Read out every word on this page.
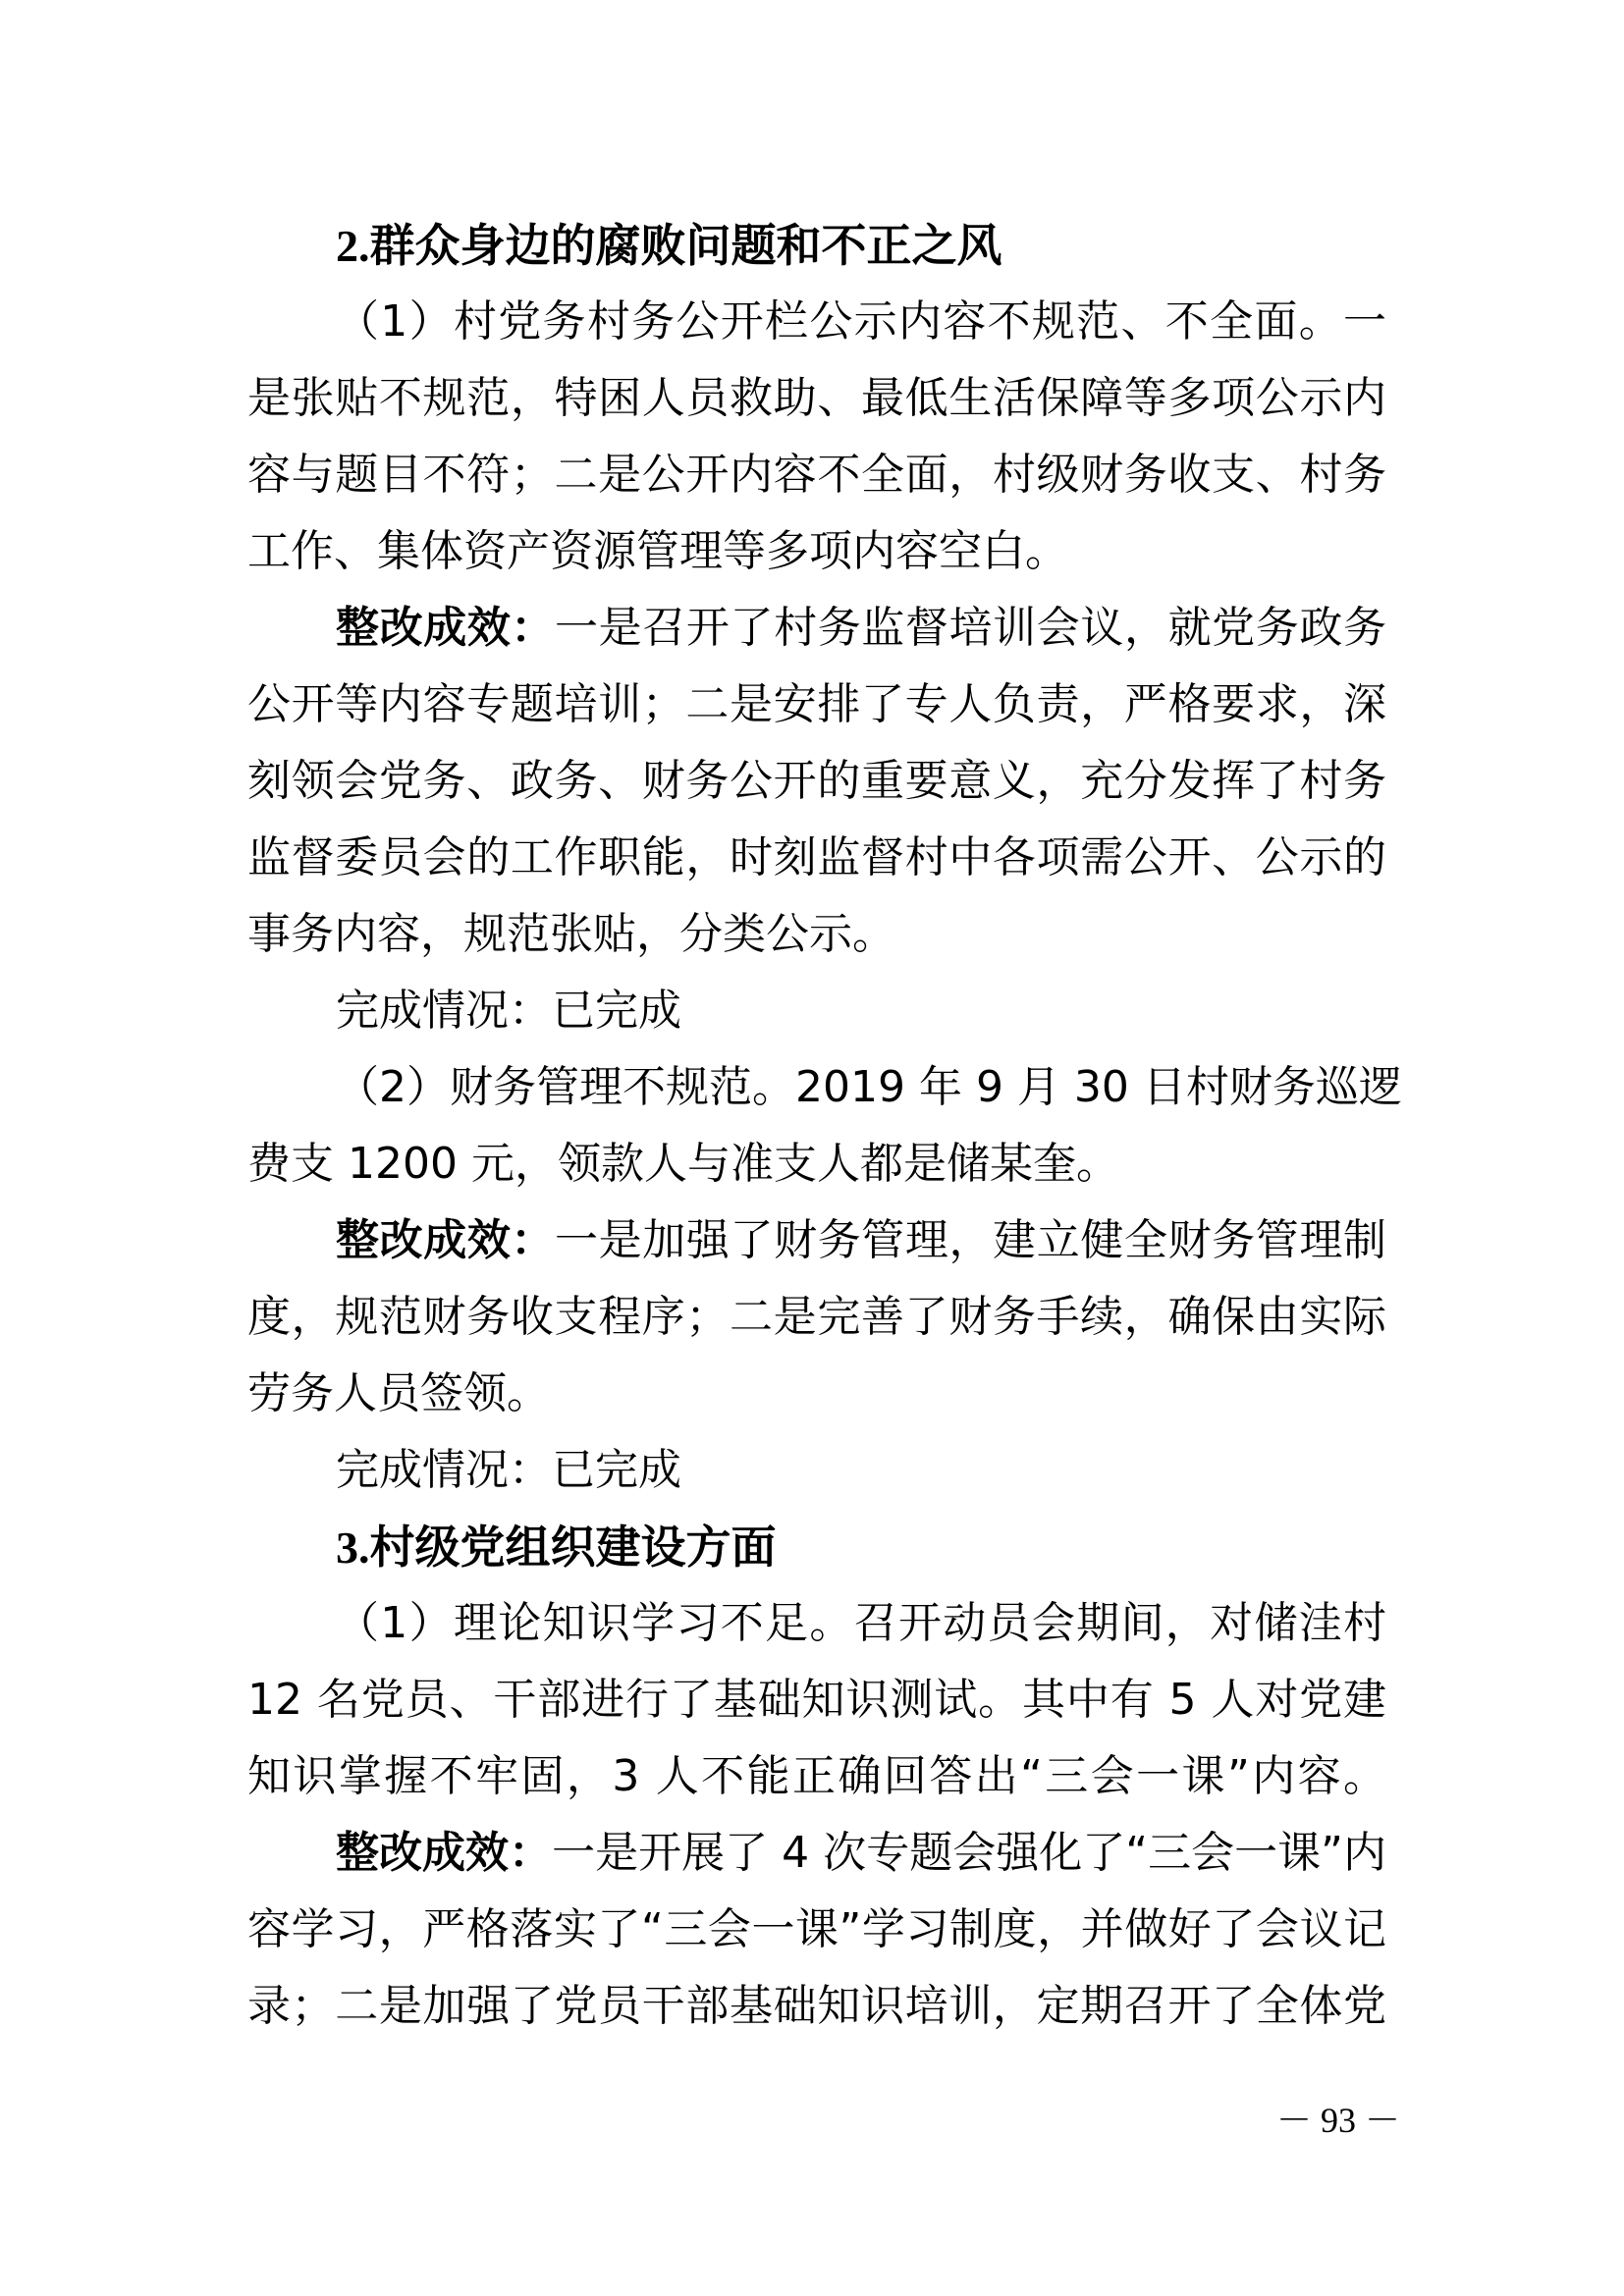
2.群众身边的腐败问题和不正之风
（1）村党务村务公开栏公示内容不规范、不全面。一
是张贴不规范，特困人员救助、最低生活保障等多项公示内
容与题目不符；二是公开内容不全面，村级财务收支、村务
工作、集体资产资源管理等多项内容空白。
整改成效：一是召开了村务监督培训会议，就党务政务
公开等内容专题培训；二是安排了专人负责，严格要求，深
刻领会党务、政务、财务公开的重要意义，充分发挥了村务
监督委员会的工作职能，时刻监督村中各项需公开、公示的
事务内容，规范张贴，分类公示。
完成情况：已完成
（2）财务管理不规范。2019 年 9 月 30 日村财务巡逻
费支 1200 元，领款人与准支人都是储某奎。
整改成效：一是加强了财务管理，建立健全财务管理制
度，规范财务收支程序；二是完善了财务手续，确保由实际
劳务人员签领。
完成情况：已完成
3.村级党组织建设方面
（1）理论知识学习不足。召开动员会期间，对储洼村
12 名党员、干部进行了基础知识测试。其中有 5 人对党建
知识掌握不牢固，3 人不能正确回答出“三会一课”内容。
整改成效：一是开展了 4 次专题会强化了“三会一课”内
容学习，严格落实了“三会一课”学习制度，并做好了会议记
录；二是加强了党员干部基础知识培训，定期召开了全体党
－ 93 －
